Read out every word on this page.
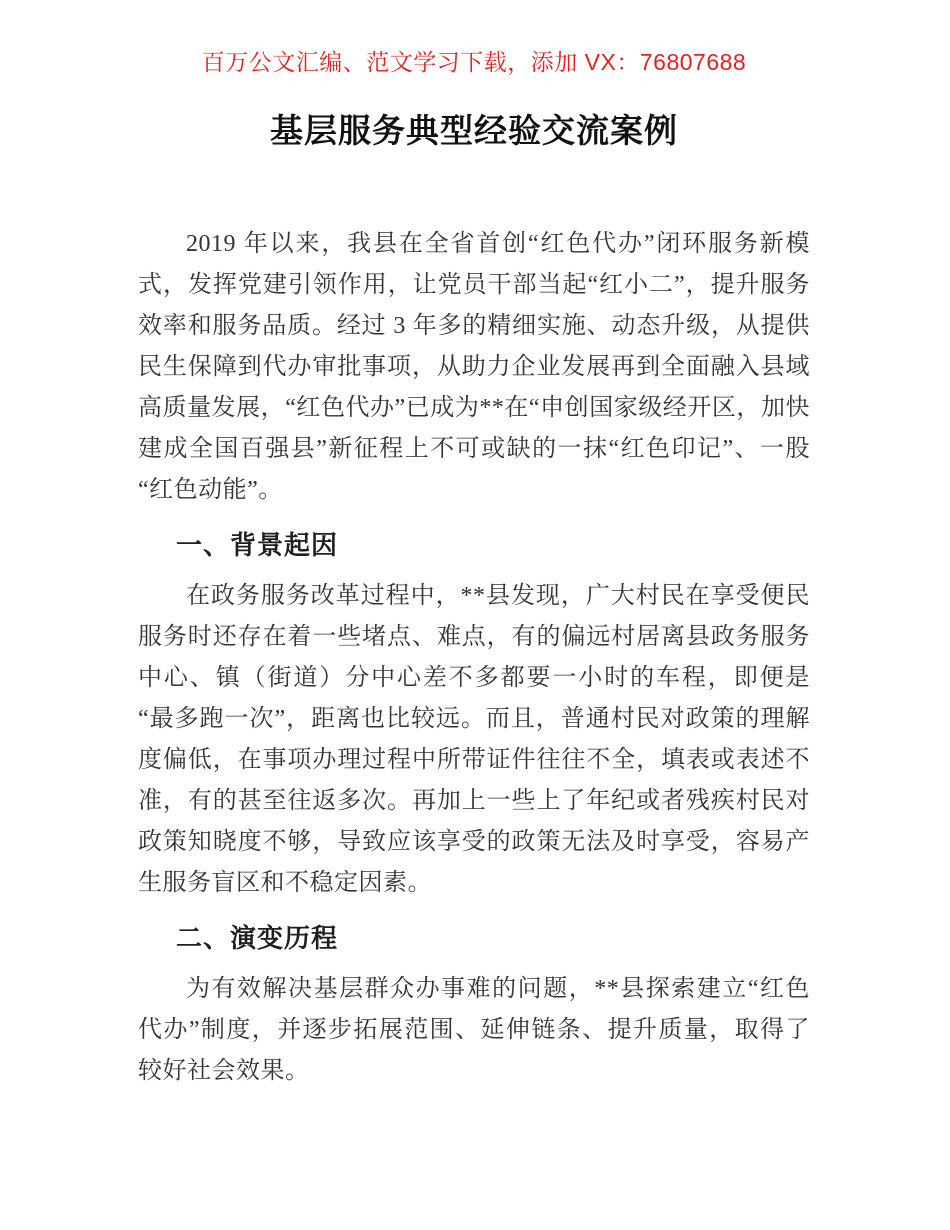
百万公文汇编、范文学习下载，添加 VX：76807688
基层服务典型经验交流案例

2019 年以来，我县在全省首创“红色代办”闭环服务新模式，发挥党建引领作用，让党员干部当起“红小二”，提升服务效率和服务品质。经过 3 年多的精细实施、动态升级，从提供民生保障到代办审批事项，从助力企业发展再到全面融入县域高质量发展，“红色代办”已成为**在“申创国家级经开区，加快建成全国百强县”新征程上不可或缺的一抹“红色印记”、一股“红色动能”。

一、背景起因

在政务服务改革过程中，**县发现，广大村民在享受便民服务时还存在着一些堵点、难点，有的偏远村居离县政务服务中心、镇（街道）分中心差不多都要一小时的车程，即便是“最多跑一次”，距离也比较远。而且，普通村民对政策的理解度偏低，在事项办理过程中所带证件往往不全，填表或表述不准，有的甚至往返多次。再加上一些上了年纪或者残疾村民对政策知晓度不够，导致应该享受的政策无法及时享受，容易产生服务盲区和不稳定因素。

二、演变历程

为有效解决基层群众办事难的问题，**县探索建立“红色代办”制度，并逐步拓展范围、延伸链条、提升质量，取得了较好社会效果。
